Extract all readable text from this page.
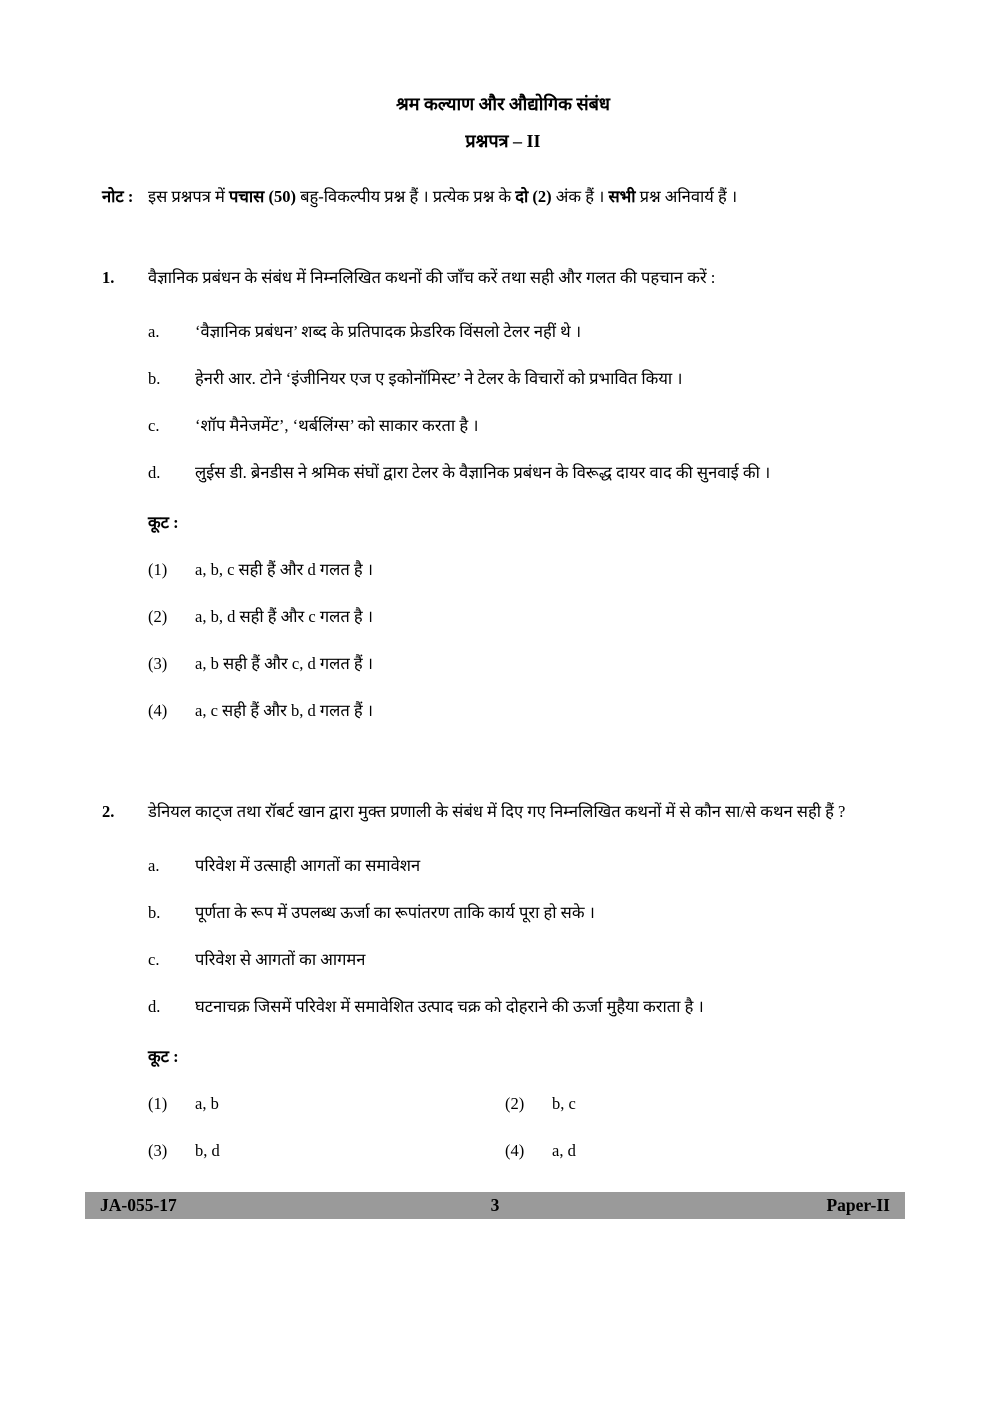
श्रम कल्याण और औद्योगिक संबंध
प्रश्नपत्र – II
नोट : इस प्रश्नपत्र में पचास (50) बहु-विकल्पीय प्रश्न हैं । प्रत्येक प्रश्न के दो (2) अंक हैं । सभी प्रश्न अनिवार्य हैं ।
1.	वैज्ञानिक प्रबंधन के संबंध में निम्नलिखित कथनों की जाँच करें तथा सही और गलत की पहचान करें :
a.	‘वैज्ञानिक प्रबंधन’ शब्द के प्रतिपादक फ्रेडरिक विंसलो टेलर नहीं थे ।
b.	हेनरी आर. टोने ‘इंजीनियर एज ए इकोनॉमिस्ट’ ने टेलर के विचारों को प्रभावित किया ।
c.	‘शॉप मैनेजमेंट’, ‘थर्बलिंग्स’ को साकार करता है ।
d.	लुईस डी. ब्रेनडीस ने श्रमिक संघों द्वारा टेलर के वैज्ञानिक प्रबंधन के विरूद्ध दायर वाद की सुनवाई की ।
कूट :
(1)	a, b, c सही हैं और d गलत है ।
(2)	a, b, d सही हैं और c गलत है ।
(3)	a, b सही हैं और c, d गलत हैं ।
(4)	a, c सही हैं और b, d गलत हैं ।
2.	डेनियल काट्ज तथा रॉबर्ट खान द्वारा मुक्त प्रणाली के संबंध में दिए गए निम्नलिखित कथनों में से कौन सा/से कथन सही हैं ?
a.	परिवेश में उत्साही आगतों का समावेशन
b.	पूर्णता के रूप में उपलब्ध ऊर्जा का रूपांतरण ताकि कार्य पूरा हो सके ।
c.	परिवेश से आगतों का आगमन
d.	घटनाचक्र जिसमें परिवेश में समावेशित उत्पाद चक्र को दोहराने की ऊर्जा मुहैया कराता है ।
कूट :
(1)	a, b	(2)	b, c
(3)	b, d	(4)	a, d
JA-055-17	3	Paper-II
